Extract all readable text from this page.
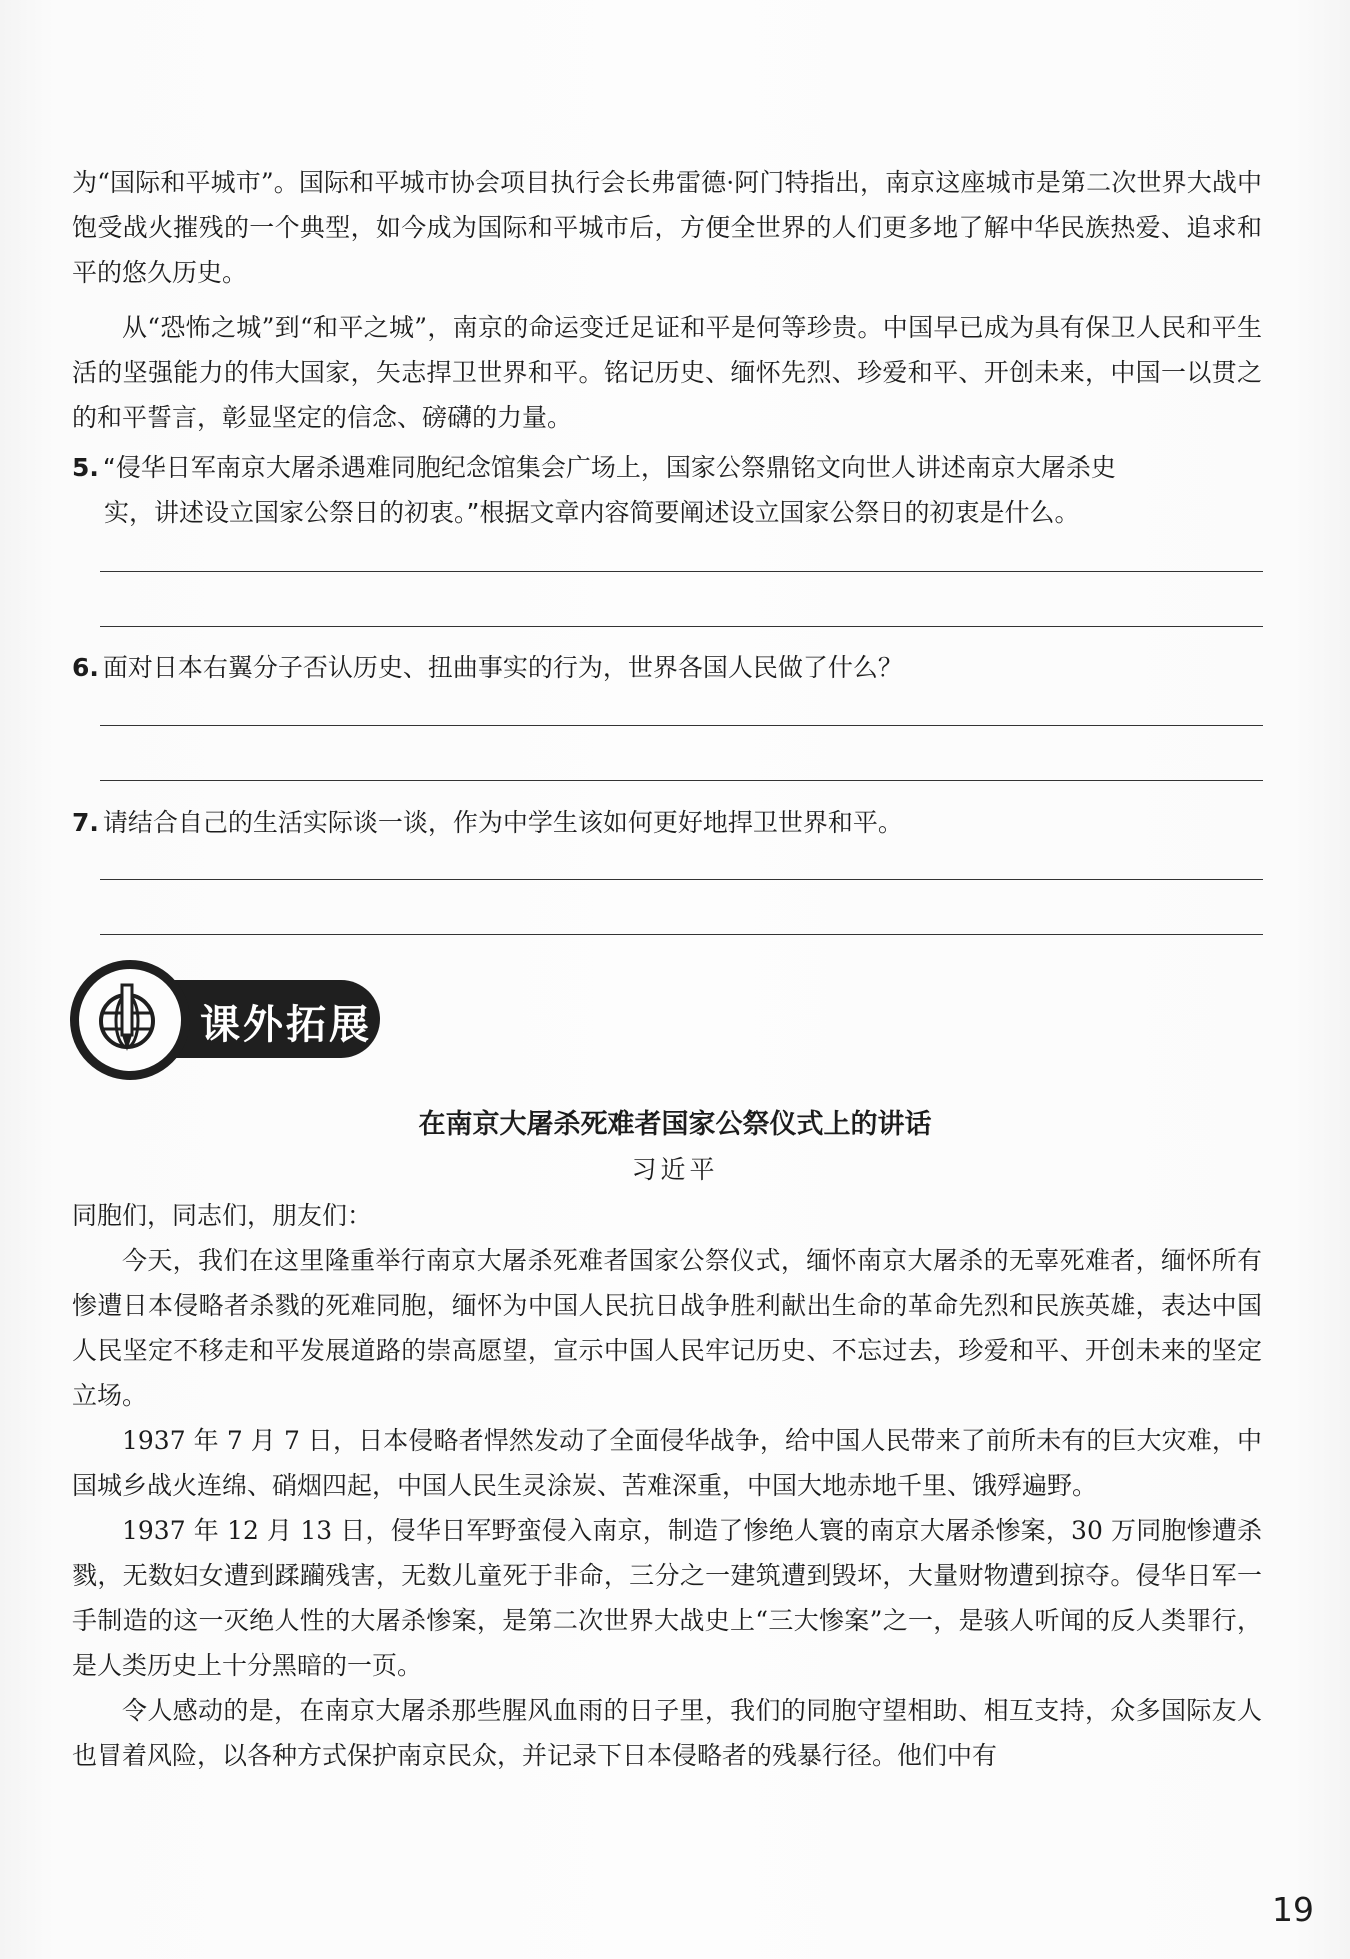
为“国际和平城市”。国际和平城市协会项目执行会长弗雷德·阿门特指出，南京这座城市是第二次世界大战中饱受战火摧残的一个典型，如今成为国际和平城市后，方便全世界的人们更多地了解中华民族热爱、追求和平的悠久历史。

从“恐怖之城”到“和平之城”，南京的命运变迁足证和平是何等珍贵。中国早已成为具有保卫人民和平生活的坚强能力的伟大国家，矢志捍卫世界和平。铭记历史、缅怀先烈、珍爱和平、开创未来，中国一以贯之的和平誓言，彰显坚定的信念、磅礴的力量。

5. “侵华日军南京大屠杀遇难同胞纪念馆集会广场上，国家公祭鼎铭文向世人讲述南京大屠杀史
实，讲述设立国家公祭日的初衷。”根据文章内容简要阐述设立国家公祭日的初衷是什么。
6. 面对日本右翼分子否认历史、扭曲事实的行为，世界各国人民做了什么？
7. 请结合自己的生活实际谈一谈，作为中学生该如何更好地捍卫世界和平。
课外拓展
在南京大屠杀死难者国家公祭仪式上的讲话
习近平

同胞们，同志们，朋友们：

今天，我们在这里隆重举行南京大屠杀死难者国家公祭仪式，缅怀南京大屠杀的无辜死难者，缅怀所有惨遭日本侵略者杀戮的死难同胞，缅怀为中国人民抗日战争胜利献出生命的革命先烈和民族英雄，表达中国人民坚定不移走和平发展道路的崇高愿望，宣示中国人民牢记历史、不忘过去，珍爱和平、开创未来的坚定立场。

1937 年 7 月 7 日，日本侵略者悍然发动了全面侵华战争，给中国人民带来了前所未有的巨大灾难，中国城乡战火连绵、硝烟四起，中国人民生灵涂炭、苦难深重，中国大地赤地千里、饿殍遍野。

1937 年 12 月 13 日，侵华日军野蛮侵入南京，制造了惨绝人寰的南京大屠杀惨案，30 万同胞惨遭杀戮，无数妇女遭到蹂躏残害，无数儿童死于非命，三分之一建筑遭到毁坏，大量财物遭到掠夺。侵华日军一手制造的这一灭绝人性的大屠杀惨案，是第二次世界大战史上“三大惨案”之一，是骇人听闻的反人类罪行，是人类历史上十分黑暗的一页。

令人感动的是，在南京大屠杀那些腥风血雨的日子里，我们的同胞守望相助、相互支持，众多国际友人也冒着风险，以各种方式保护南京民众，并记录下日本侵略者的残暴行径。他们中有

19
